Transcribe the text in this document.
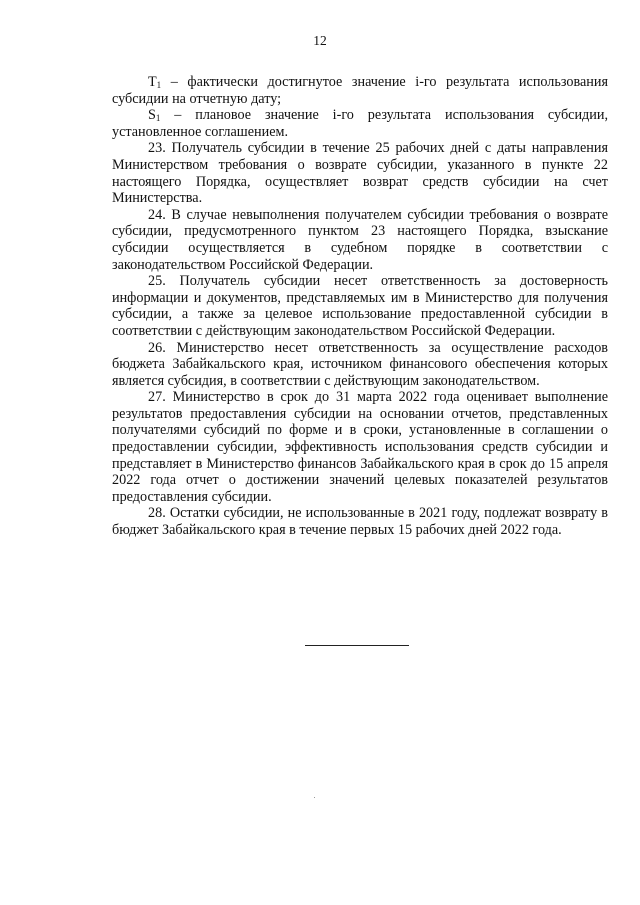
12

$T_1$ – фактически достигнутое значение i-го результата использования субсидии на отчетную дату;

$S_1$ – плановое значение i-го результата использования субсидии, установленное соглашением.

23. Получатель субсидии в течение 25 рабочих дней с даты направления Министерством требования о возврате субсидии, указанного в пункте 22 настоящего Порядка, осуществляет возврат средств субсидии на счет Министерства.

24. В случае невыполнения получателем субсидии требования о возврате субсидии, предусмотренного пунктом 23 настоящего Порядка, взыскание субсидии осуществляется в судебном порядке в соответствии с законодательством Российской Федерации.

25. Получатель субсидии несет ответственность за достоверность информации и документов, представляемых им в Министерство для получения субсидии, а также за целевое использование предоставленной субсидии в соответствии с действующим законодательством Российской Федерации.

26. Министерство несет ответственность за осуществление расходов бюджета Забайкальского края, источником финансового обеспечения которых является субсидия, в соответствии с действующим законодательством.

27. Министерство в срок до 31 марта 2022 года оценивает выполнение результатов предоставления субсидии на основании отчетов, представленных получателями субсидий по форме и в сроки, установленные в соглашении о предоставлении субсидии, эффективность использования средств субсидии и представляет в Министерство финансов Забайкальского края в срок до 15 апреля 2022 года отчет о достижении значений целевых показателей результатов предоставления субсидии.

28. Остатки субсидии, не использованные в 2021 году, подлежат возврату в бюджет Забайкальского края в течение первых 15 рабочих дней 2022 года.
